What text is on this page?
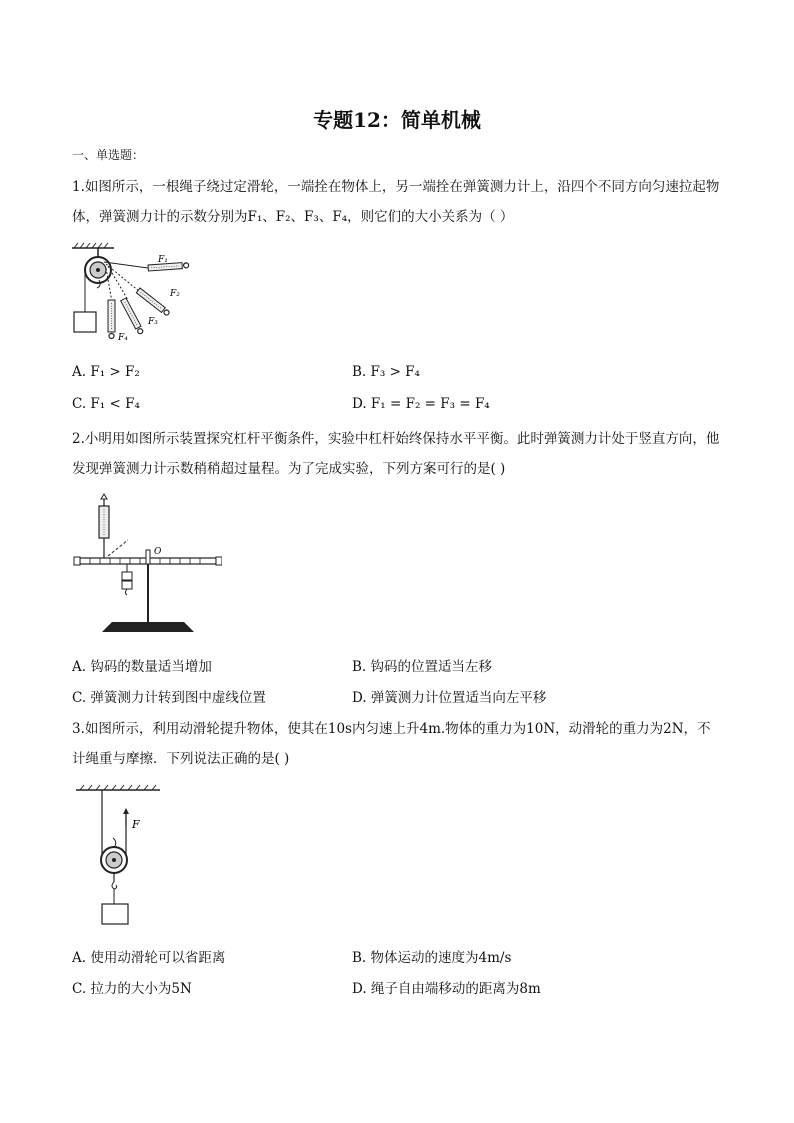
专题12：简单机械
一、单选题：
1.如图所示，一根绳子绕过定滑轮，一端拴在物体上，另一端拴在弹簧测力计上，沿四个不同方向匀速拉起物体，弹簧测力计的示数分别为F₁、F₂、F₃、F₄，则它们的大小关系为（ ）
F₁
F₂
F₃
F₄
A. F₁ > F₂	B. F₃ > F₄
C. F₁ < F₄	D. F₁ = F₂ = F₃ = F₄
2.小明用如图所示装置探究杠杆平衡条件，实验中杠杆始终保持水平平衡。此时弹簧测力计处于竖直方向，他发现弹簧测力计示数稍稍超过量程。为了完成实验，下列方案可行的是( )
O
A. 钩码的数量适当增加	B. 钩码的位置适当左移
C. 弹簧测力计转到图中虚线位置	D. 弹簧测力计位置适当向左平移
3.如图所示，利用动滑轮提升物体，使其在10s内匀速上升4m.物体的重力为10N，动滑轮的重力为2N，不计绳重与摩擦．下列说法正确的是( )
F
A. 使用动滑轮可以省距离	B. 物体运动的速度为4m/s
C. 拉力的大小为5N	D. 绳子自由端移动的距离为8m
